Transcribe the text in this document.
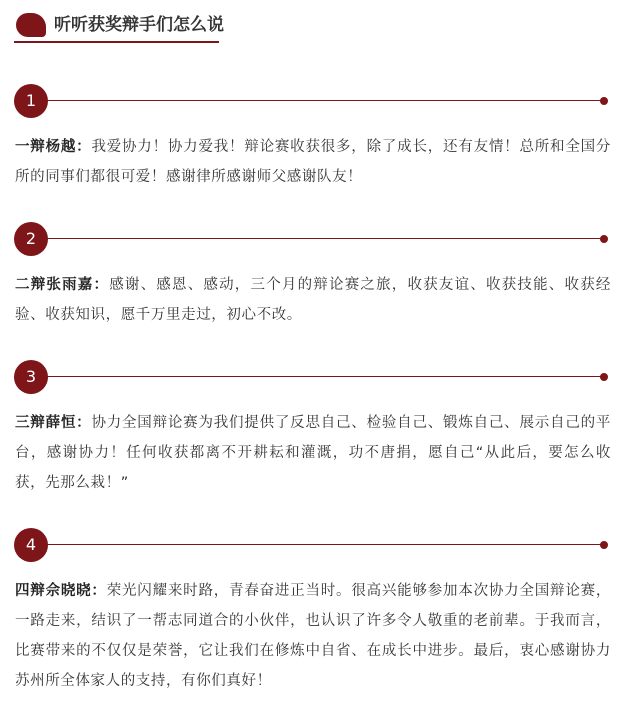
听听获奖辩手们怎么说
1

一辩杨越：我爱协力！协力爱我！辩论赛收获很多，除了成长，还有友情！总所和全国分所的同事们都很可爱！感谢律所感谢师父感谢队友！

2

二辩张雨嘉：感谢、感恩、感动，三个月的辩论赛之旅，收获友谊、收获技能、收获经验、收获知识，愿千万里走过，初心不改。

3

三辩薛恒：协力全国辩论赛为我们提供了反思自己、检验自己、锻炼自己、展示自己的平台，感谢协力！任何收获都离不开耕耘和灌溉，功不唐捐，愿自己“从此后，要怎么收获，先那么栽！”

4

四辩佘晓晓：荣光闪耀来时路，青春奋进正当时。很高兴能够参加本次协力全国辩论赛，一路走来，结识了一帮志同道合的小伙伴，也认识了许多令人敬重的老前辈。于我而言，比赛带来的不仅仅是荣誉，它让我们在修炼中自省、在成长中进步。最后，衷心感谢协力苏州所全体家人的支持，有你们真好！
